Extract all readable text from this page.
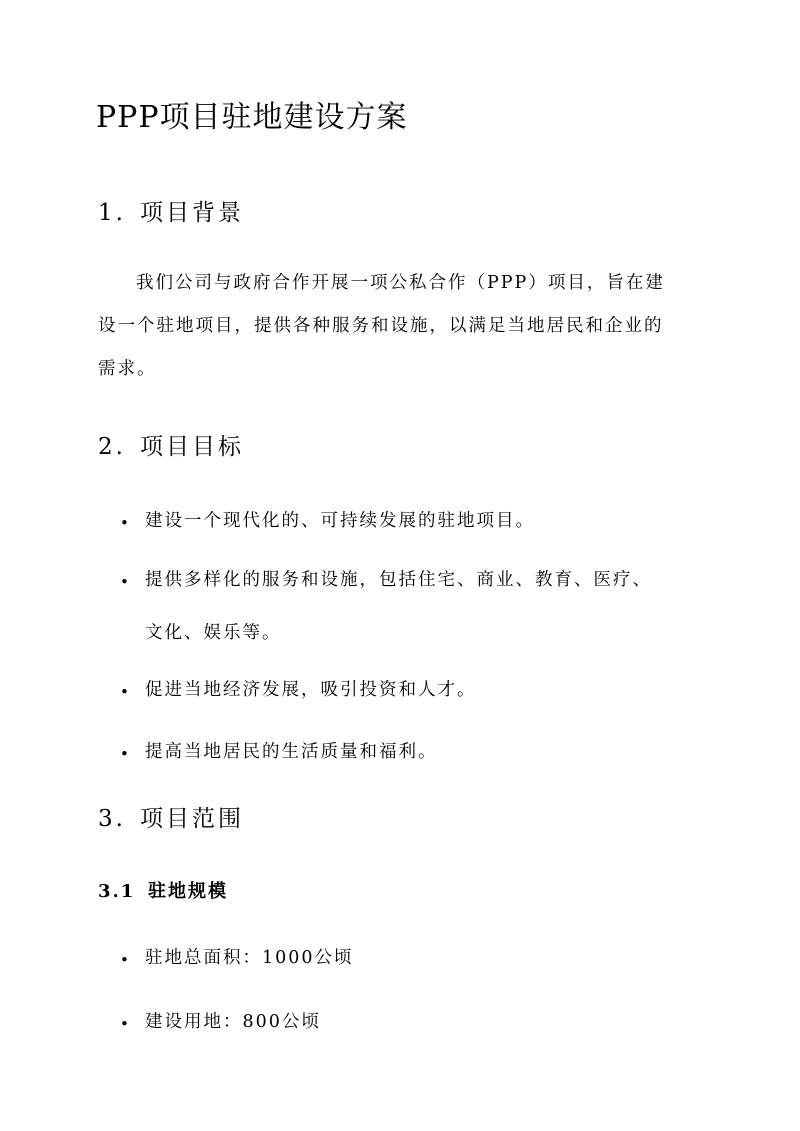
PPP项目驻地建设方案
1. 项目背景

我们公司与政府合作开展一项公私合作（PPP）项目，旨在建
设一个驻地项目，提供各种服务和设施，以满足当地居民和企业的
需求。

2. 项目目标
• 建设一个现代化的、可持续发展的驻地项目。
• 提供多样化的服务和设施，包括住宅、商业、教育、医疗、
文化、娱乐等。
• 促进当地经济发展，吸引投资和人才。
• 提高当地居民的生活质量和福利。
3. 项目范围
3.1 驻地规模
• 驻地总面积：1000公顷
• 建设用地：800公顷
